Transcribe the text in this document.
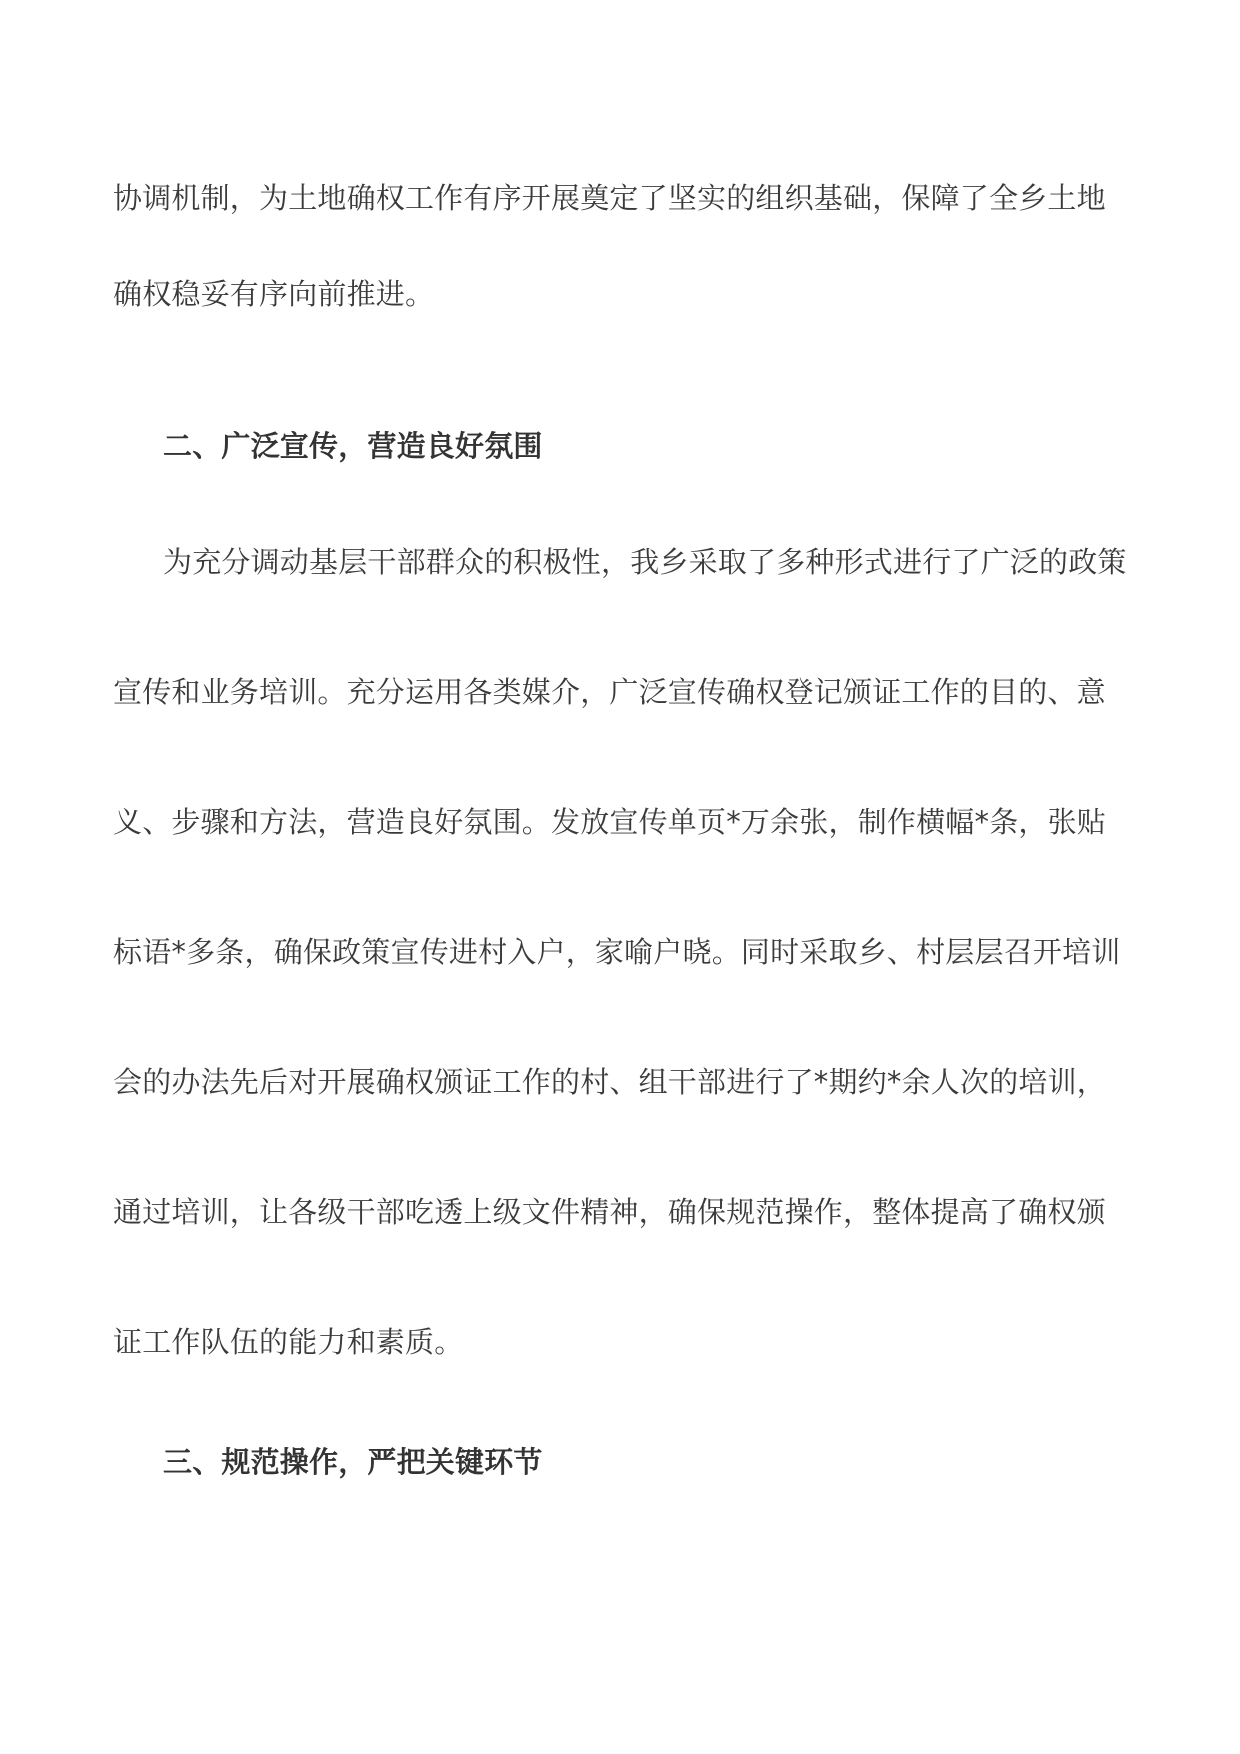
协调机制，为土地确权工作有序开展奠定了坚实的组织基础，保障了全乡土地
确权稳妥有序向前推进。
二、广泛宣传，营造良好氛围
为充分调动基层干部群众的积极性，我乡采取了多种形式进行了广泛的政策
宣传和业务培训。充分运用各类媒介，广泛宣传确权登记颁证工作的目的、意
义、步骤和方法，营造良好氛围。发放宣传单页*万余张，制作横幅*条，张贴
标语*多条，确保政策宣传进村入户，家喻户晓。同时采取乡、村层层召开培训
会的办法先后对开展确权颁证工作的村、组干部进行了*期约*余人次的培训，
通过培训，让各级干部吃透上级文件精神，确保规范操作，整体提高了确权颁
证工作队伍的能力和素质。
三、规范操作，严把关键环节
